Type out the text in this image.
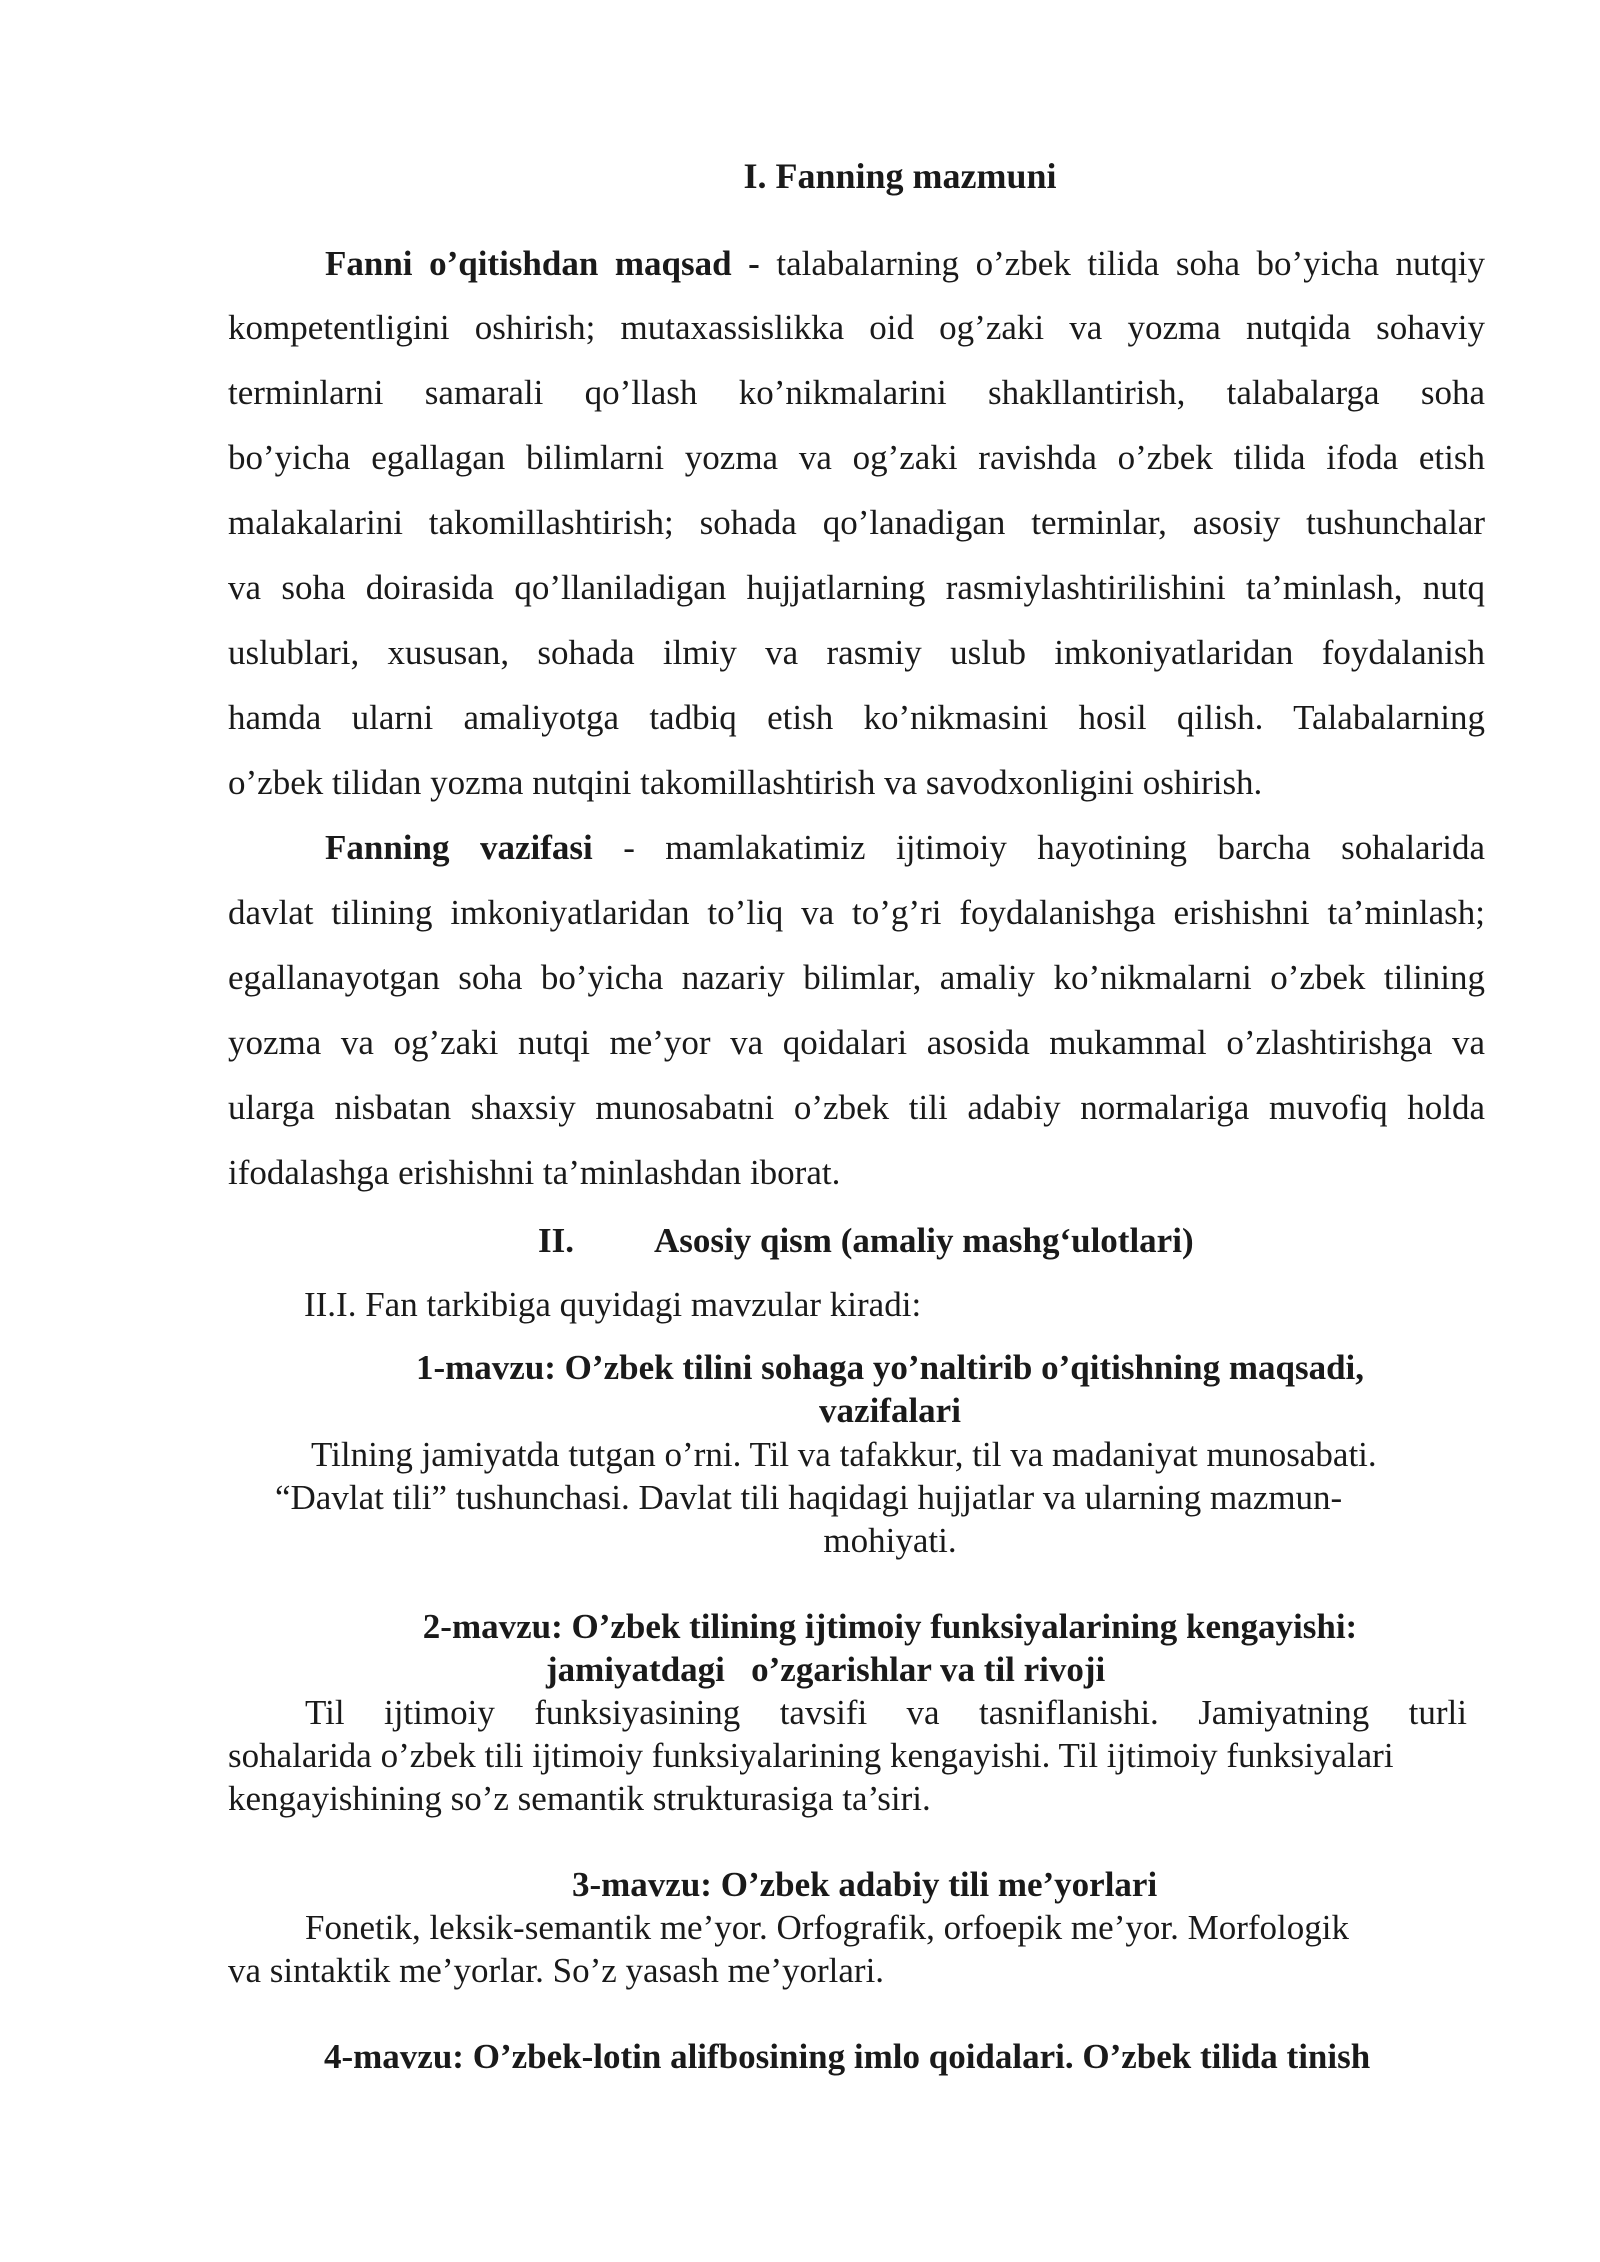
I. Fanning mazmuni
Fanni o’qitishdan maqsad - talabalarning o’zbek tilida soha bo’yicha nutqiy
kompetentligini oshirish; mutaxassislikka oid og’zaki va yozma nutqida sohaviy
terminlarni samarali qo’llash ko’nikmalarini shakllantirish, talabalarga soha
bo’yicha egallagan bilimlarni yozma va og’zaki ravishda o’zbek tilida ifoda etish
malakalarini takomillashtirish; sohada qo’lanadigan terminlar, asosiy tushunchalar
va soha doirasida qo’llaniladigan hujjatlarning rasmiylashtirilishini ta’minlash, nutq
uslublari, xususan, sohada ilmiy va rasmiy uslub imkoniyatlaridan foydalanish
hamda ularni amaliyotga tadbiq etish ko’nikmasini hosil qilish. Talabalarning
o’zbek tilidan yozma nutqini takomillashtirish va savodxonligini oshirish.
Fanning vazifasi - mamlakatimiz ijtimoiy hayotining barcha sohalarida
davlat tilining imkoniyatlaridan to’liq va to’g’ri foydalanishga erishishni ta’minlash;
egallanayotgan soha bo’yicha nazariy bilimlar, amaliy ko’nikmalarni o’zbek tilining
yozma va og’zaki nutqi me’yor va qoidalari asosida mukammal o’zlashtirishga va
ularga nisbatan shaxsiy munosabatni o’zbek tili adabiy normalariga muvofiq holda
ifodalashga erishishni ta’minlashdan iborat.
II. Asosiy qism (amaliy mashg‘ulotlari)
II.I. Fan tarkibiga quyidagi mavzular kiradi:
1-mavzu: O’zbek tilini sohaga yo’naltirib o’qitishning maqsadi,
vazifalari
Tilning jamiyatda tutgan o’rni. Til va tafakkur, til va madaniyat munosabati.
“Davlat tili” tushunchasi. Davlat tili haqidagi hujjatlar va ularning mazmun-
mohiyati.
2-mavzu: O’zbek tilining ijtimoiy funksiyalarining kengayishi:
jamiyatdagi   o’zgarishlar va til rivoji
Til ijtimoiy funksiyasining tavsifi va tasniflanishi. Jamiyatning turli
sohalarida o’zbek tili ijtimoiy funksiyalarining kengayishi. Til ijtimoiy funksiyalari
kengayishining so’z semantik strukturasiga ta’siri.
3-mavzu: O’zbek adabiy tili me’yorlari
Fonetik, leksik-semantik me’yor. Orfografik, orfoepik me’yor. Morfologik
va sintaktik me’yorlar. So’z yasash me’yorlari.
4-mavzu: O’zbek-lotin alifbosining imlo qoidalari. O’zbek tilida tinish
